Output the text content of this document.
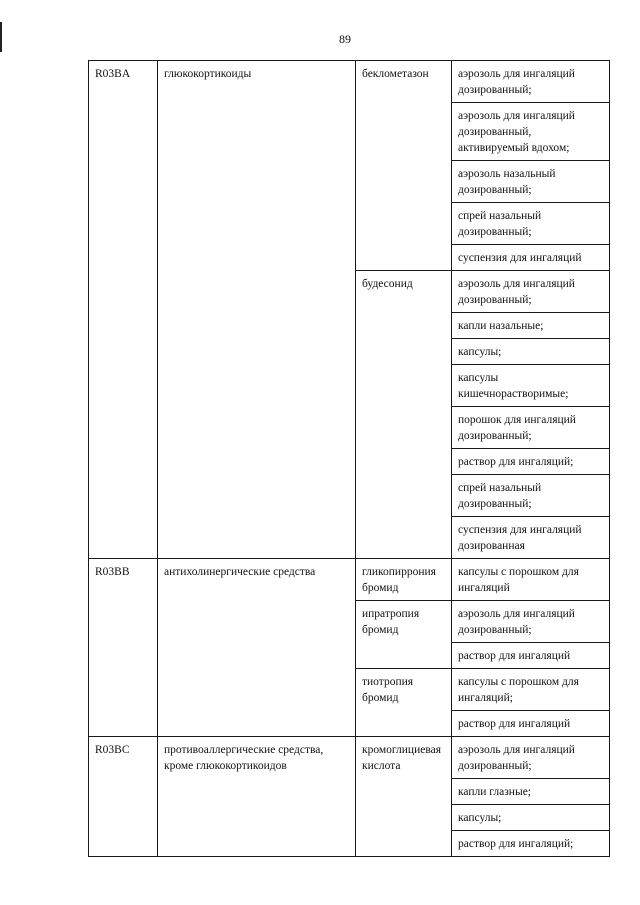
89
R03BA	глюкокортикоиды	беклометазон	аэрозоль для ингаляций дозированный;
			аэрозоль для ингаляций дозированный, активируемый вдохом;
			аэрозоль назальный дозированный;
			спрей назальный дозированный;
			суспензия для ингаляций
		будесонид	аэрозоль для ингаляций дозированный;
			капли назальные;
			капсулы;
			капсулы кишечнорастворимые;
			порошок для ингаляций дозированный;
			раствор для ингаляций;
			спрей назальный дозированный;
			суспензия для ингаляций дозированная
R03BB	антихолинергические средства	гликопиррония бромид	капсулы с порошком для ингаляций
		ипратропия бромид	аэрозоль для ингаляций дозированный;
			раствор для ингаляций
		тиотропия бромид	капсулы с порошком для ингаляций;
			раствор для ингаляций
R03BC	противоаллергические средства, кроме глюкокортикоидов	кромоглициевая кислота	аэрозоль для ингаляций дозированный;
			капли глазные;
			капсулы;
			раствор для ингаляций;
